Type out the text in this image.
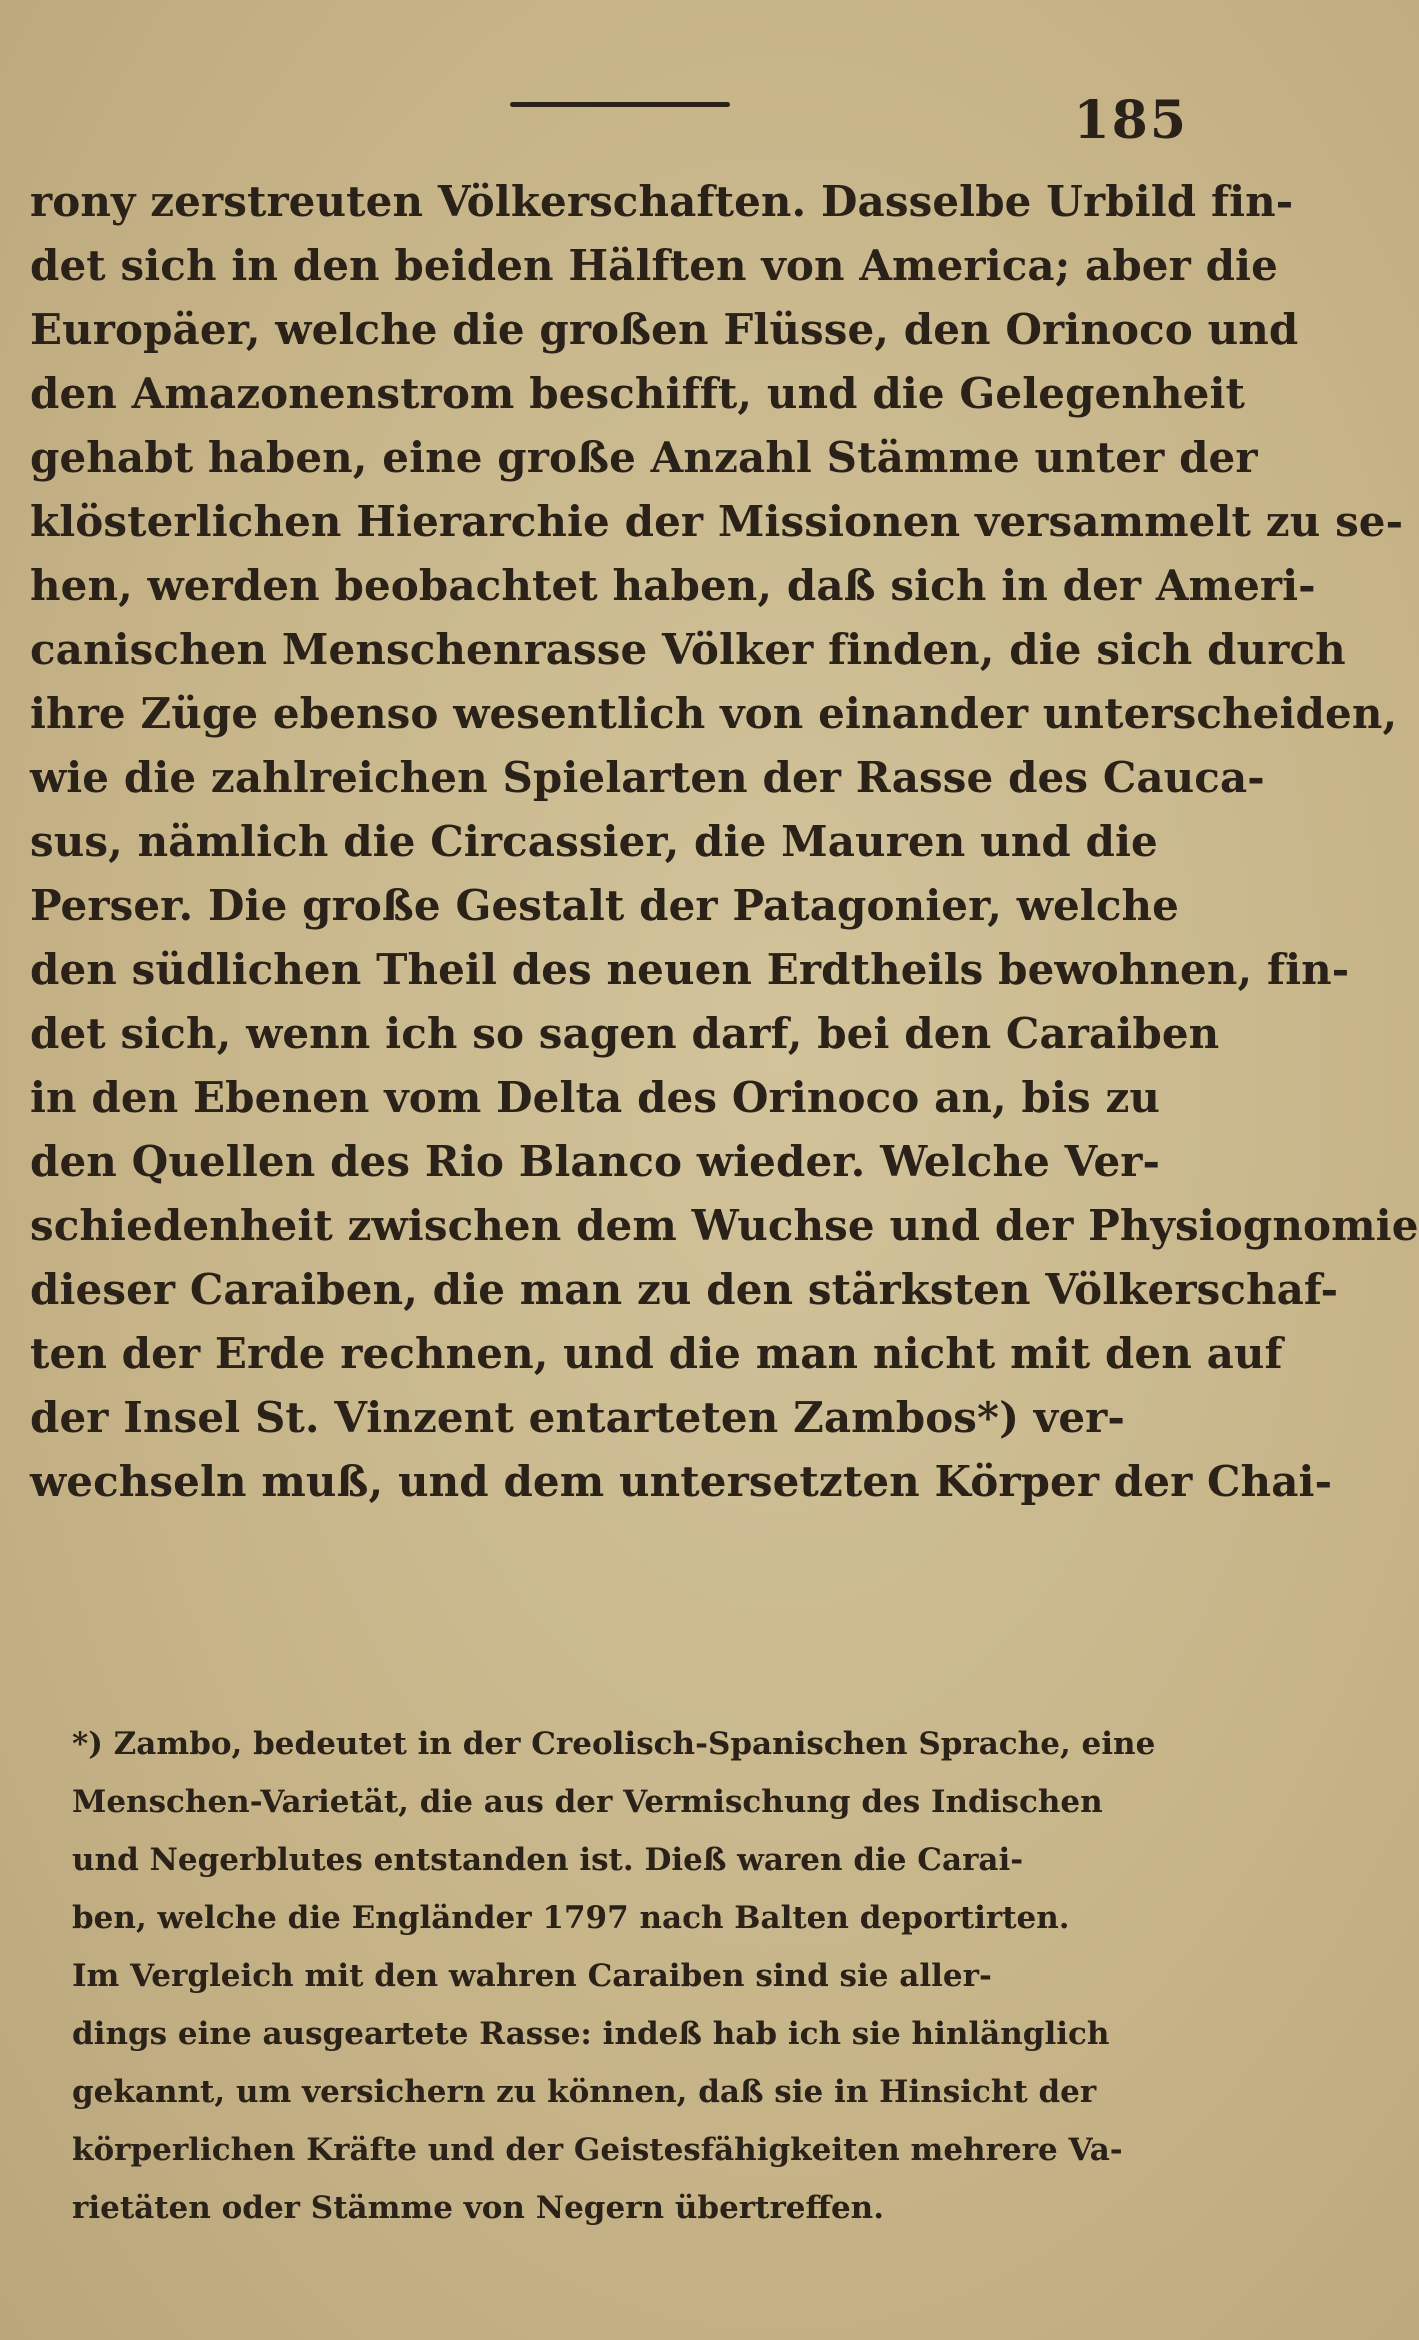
185
rony zerstreuten Völkerschaften. Dasselbe Urbild fin-
det sich in den beiden Hälften von America; aber die
Europäer, welche die großen Flüsse, den Orinoco und
den Amazonenstrom beschifft, und die Gelegenheit
gehabt haben, eine große Anzahl Stämme unter der
klösterlichen Hierarchie der Missionen versammelt zu se-
hen, werden beobachtet haben, daß sich in der Ameri-
canischen Menschenrasse Völker finden, die sich durch
ihre Züge ebenso wesentlich von einander unterscheiden,
wie die zahlreichen Spielarten der Rasse des Cauca-
sus, nämlich die Circassier, die Mauren und die
Perser. Die große Gestalt der Patagonier, welche
den südlichen Theil des neuen Erdtheils bewohnen, fin-
det sich, wenn ich so sagen darf, bei den Caraiben
in den Ebenen vom Delta des Orinoco an, bis zu
den Quellen des Rio Blanco wieder. Welche Ver-
schiedenheit zwischen dem Wuchse und der Physiognomie
dieser Caraiben, die man zu den stärksten Völkerschaf-
ten der Erde rechnen, und die man nicht mit den auf
der Insel St. Vinzent entarteten Zambos*) ver-
wechseln muß, und dem untersetzten Körper der Chai-
*) Zambo, bedeutet in der Creolisch-Spanischen Sprache, eine
Menschen-Varietät, die aus der Vermischung des Indischen
und Negerblutes entstanden ist. Dieß waren die Carai-
ben, welche die Engländer 1797 nach Balten deportirten.
Im Vergleich mit den wahren Caraiben sind sie aller-
dings eine ausgeartete Rasse: indeß hab ich sie hinlänglich
gekannt, um versichern zu können, daß sie in Hinsicht der
körperlichen Kräfte und der Geistesfähigkeiten mehrere Va-
rietäten oder Stämme von Negern übertreffen.
